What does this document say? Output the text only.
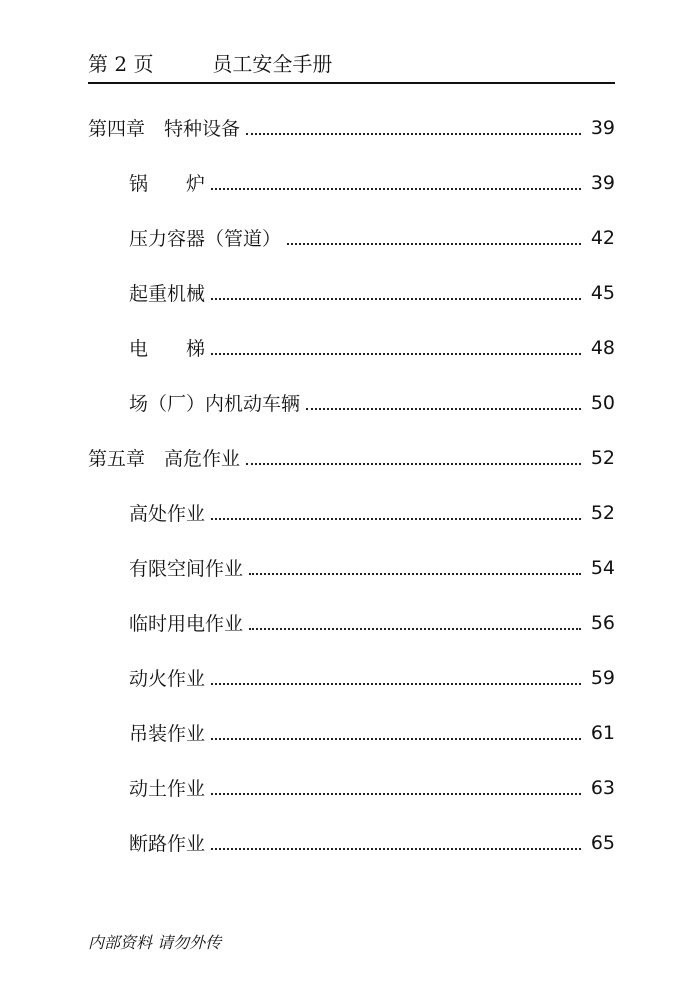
第 2 页	员工安全手册
第四章　特种设备	39
锅　　炉	39
压力容器（管道）	42
起重机械	45
电　　梯	48
场（厂）内机动车辆	50
第五章　高危作业	52
高处作业	52
有限空间作业	54
临时用电作业	56
动火作业	59
吊装作业	61
动土作业	63
断路作业	65
内部资料 请勿外传
